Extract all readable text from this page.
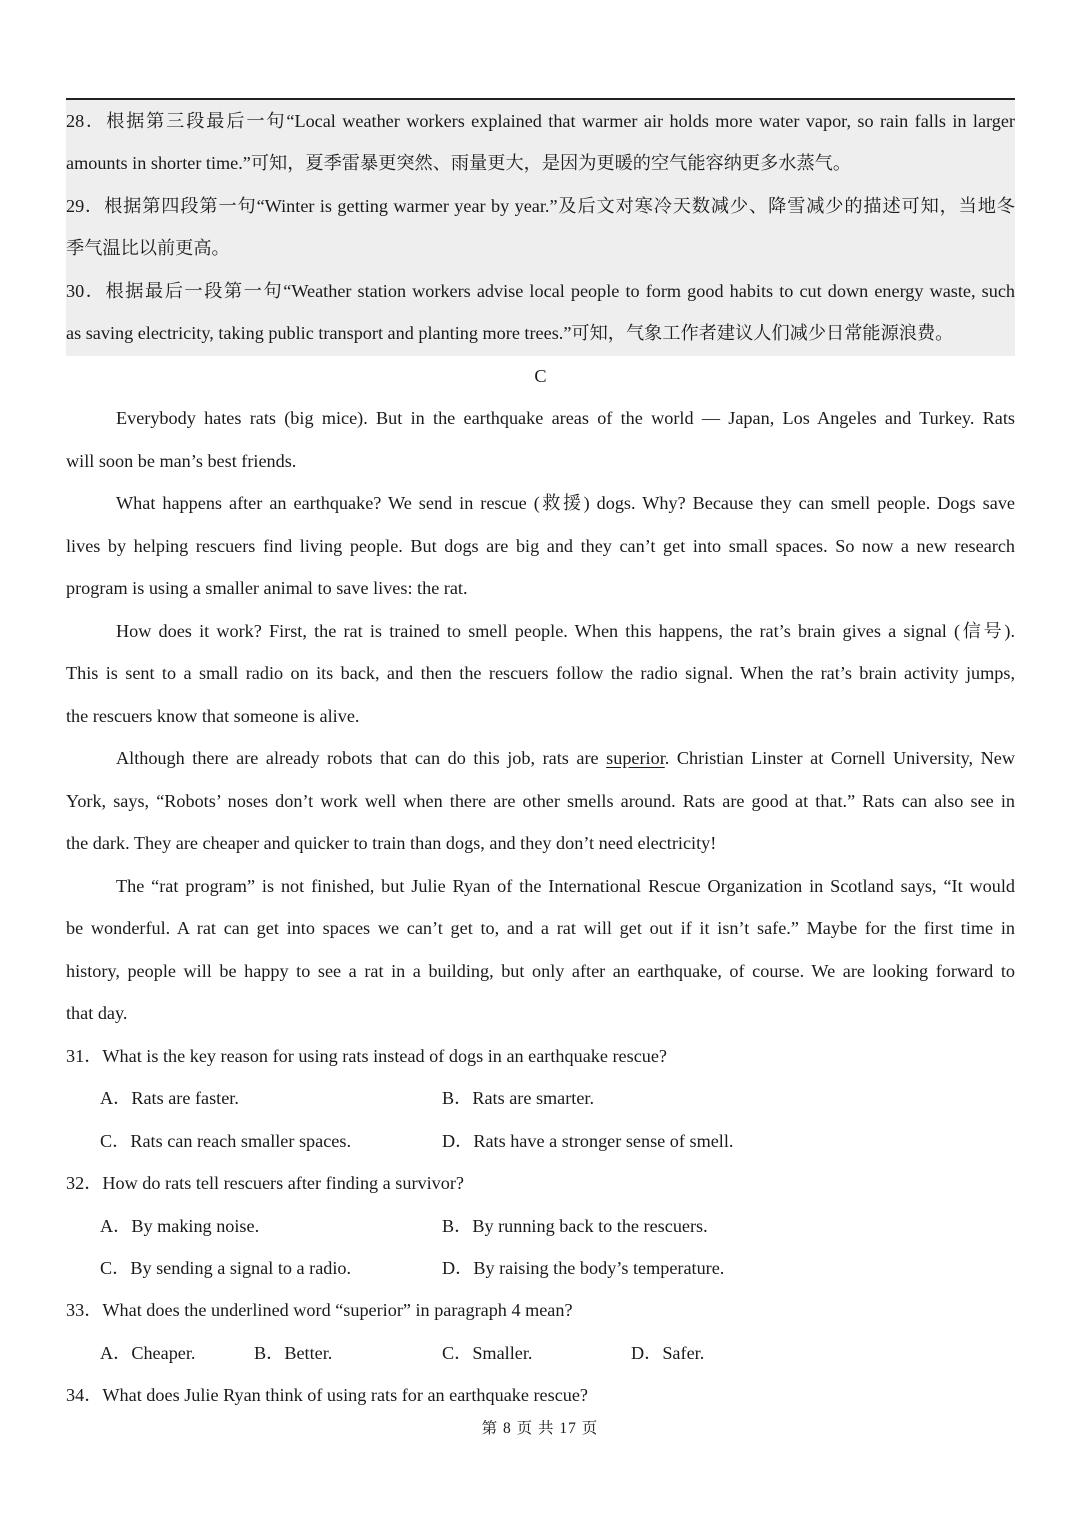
28．根据第三段最后一句“Local weather workers explained that warmer air holds more water vapor, so rain falls in larger
amounts in shorter time.”可知，夏季雷暴更突然、雨量更大，是因为更暖的空气能容纳更多水蒸气。
29．根据第四段第一句“Winter is getting warmer year by year.”及后文对寒冷天数减少、降雪减少的描述可知，当地冬
季气温比以前更高。
30．根据最后一段第一句“Weather station workers advise local people to form good habits to cut down energy waste, such
as saving electricity, taking public transport and planting more trees.”可知，气象工作者建议人们减少日常能源浪费。
C
Everybody hates rats (big mice). But in the earthquake areas of the world — Japan, Los Angeles and Turkey. Rats
will soon be man’s best friends.
What happens after an earthquake? We send in rescue (救援) dogs. Why? Because they can smell people. Dogs save
lives by helping rescuers find living people. But dogs are big and they can’t get into small spaces. So now a new research
program is using a smaller animal to save lives: the rat.
How does it work? First, the rat is trained to smell people. When this happens, the rat’s brain gives a signal (信号).
This is sent to a small radio on its back, and then the rescuers follow the radio signal. When the rat’s brain activity jumps,
the rescuers know that someone is alive.
Although there are already robots that can do this job, rats are superior. Christian Linster at Cornell University, New
York, says, “Robots’ noses don’t work well when there are other smells around. Rats are good at that.” Rats can also see in
the dark. They are cheaper and quicker to train than dogs, and they don’t need electricity!
The “rat program” is not finished, but Julie Ryan of the International Rescue Organization in Scotland says, “It would
be wonderful. A rat can get into spaces we can’t get to, and a rat will get out if it isn’t safe.” Maybe for the first time in
history, people will be happy to see a rat in a building, but only after an earthquake, of course. We are looking forward to
that day.
31．What is the key reason for using rats instead of dogs in an earthquake rescue?
A．Rats are faster.	B．Rats are smarter.
C．Rats can reach smaller spaces.	D．Rats have a stronger sense of smell.
32．How do rats tell rescuers after finding a survivor?
A．By making noise.	B．By running back to the rescuers.
C．By sending a signal to a radio.	D．By raising the body’s temperature.
33．What does the underlined word “superior” in paragraph 4 mean?
A．Cheaper.	B．Better.	C．Smaller.	D．Safer.
34．What does Julie Ryan think of using rats for an earthquake rescue?
第 8 页 共 17 页
